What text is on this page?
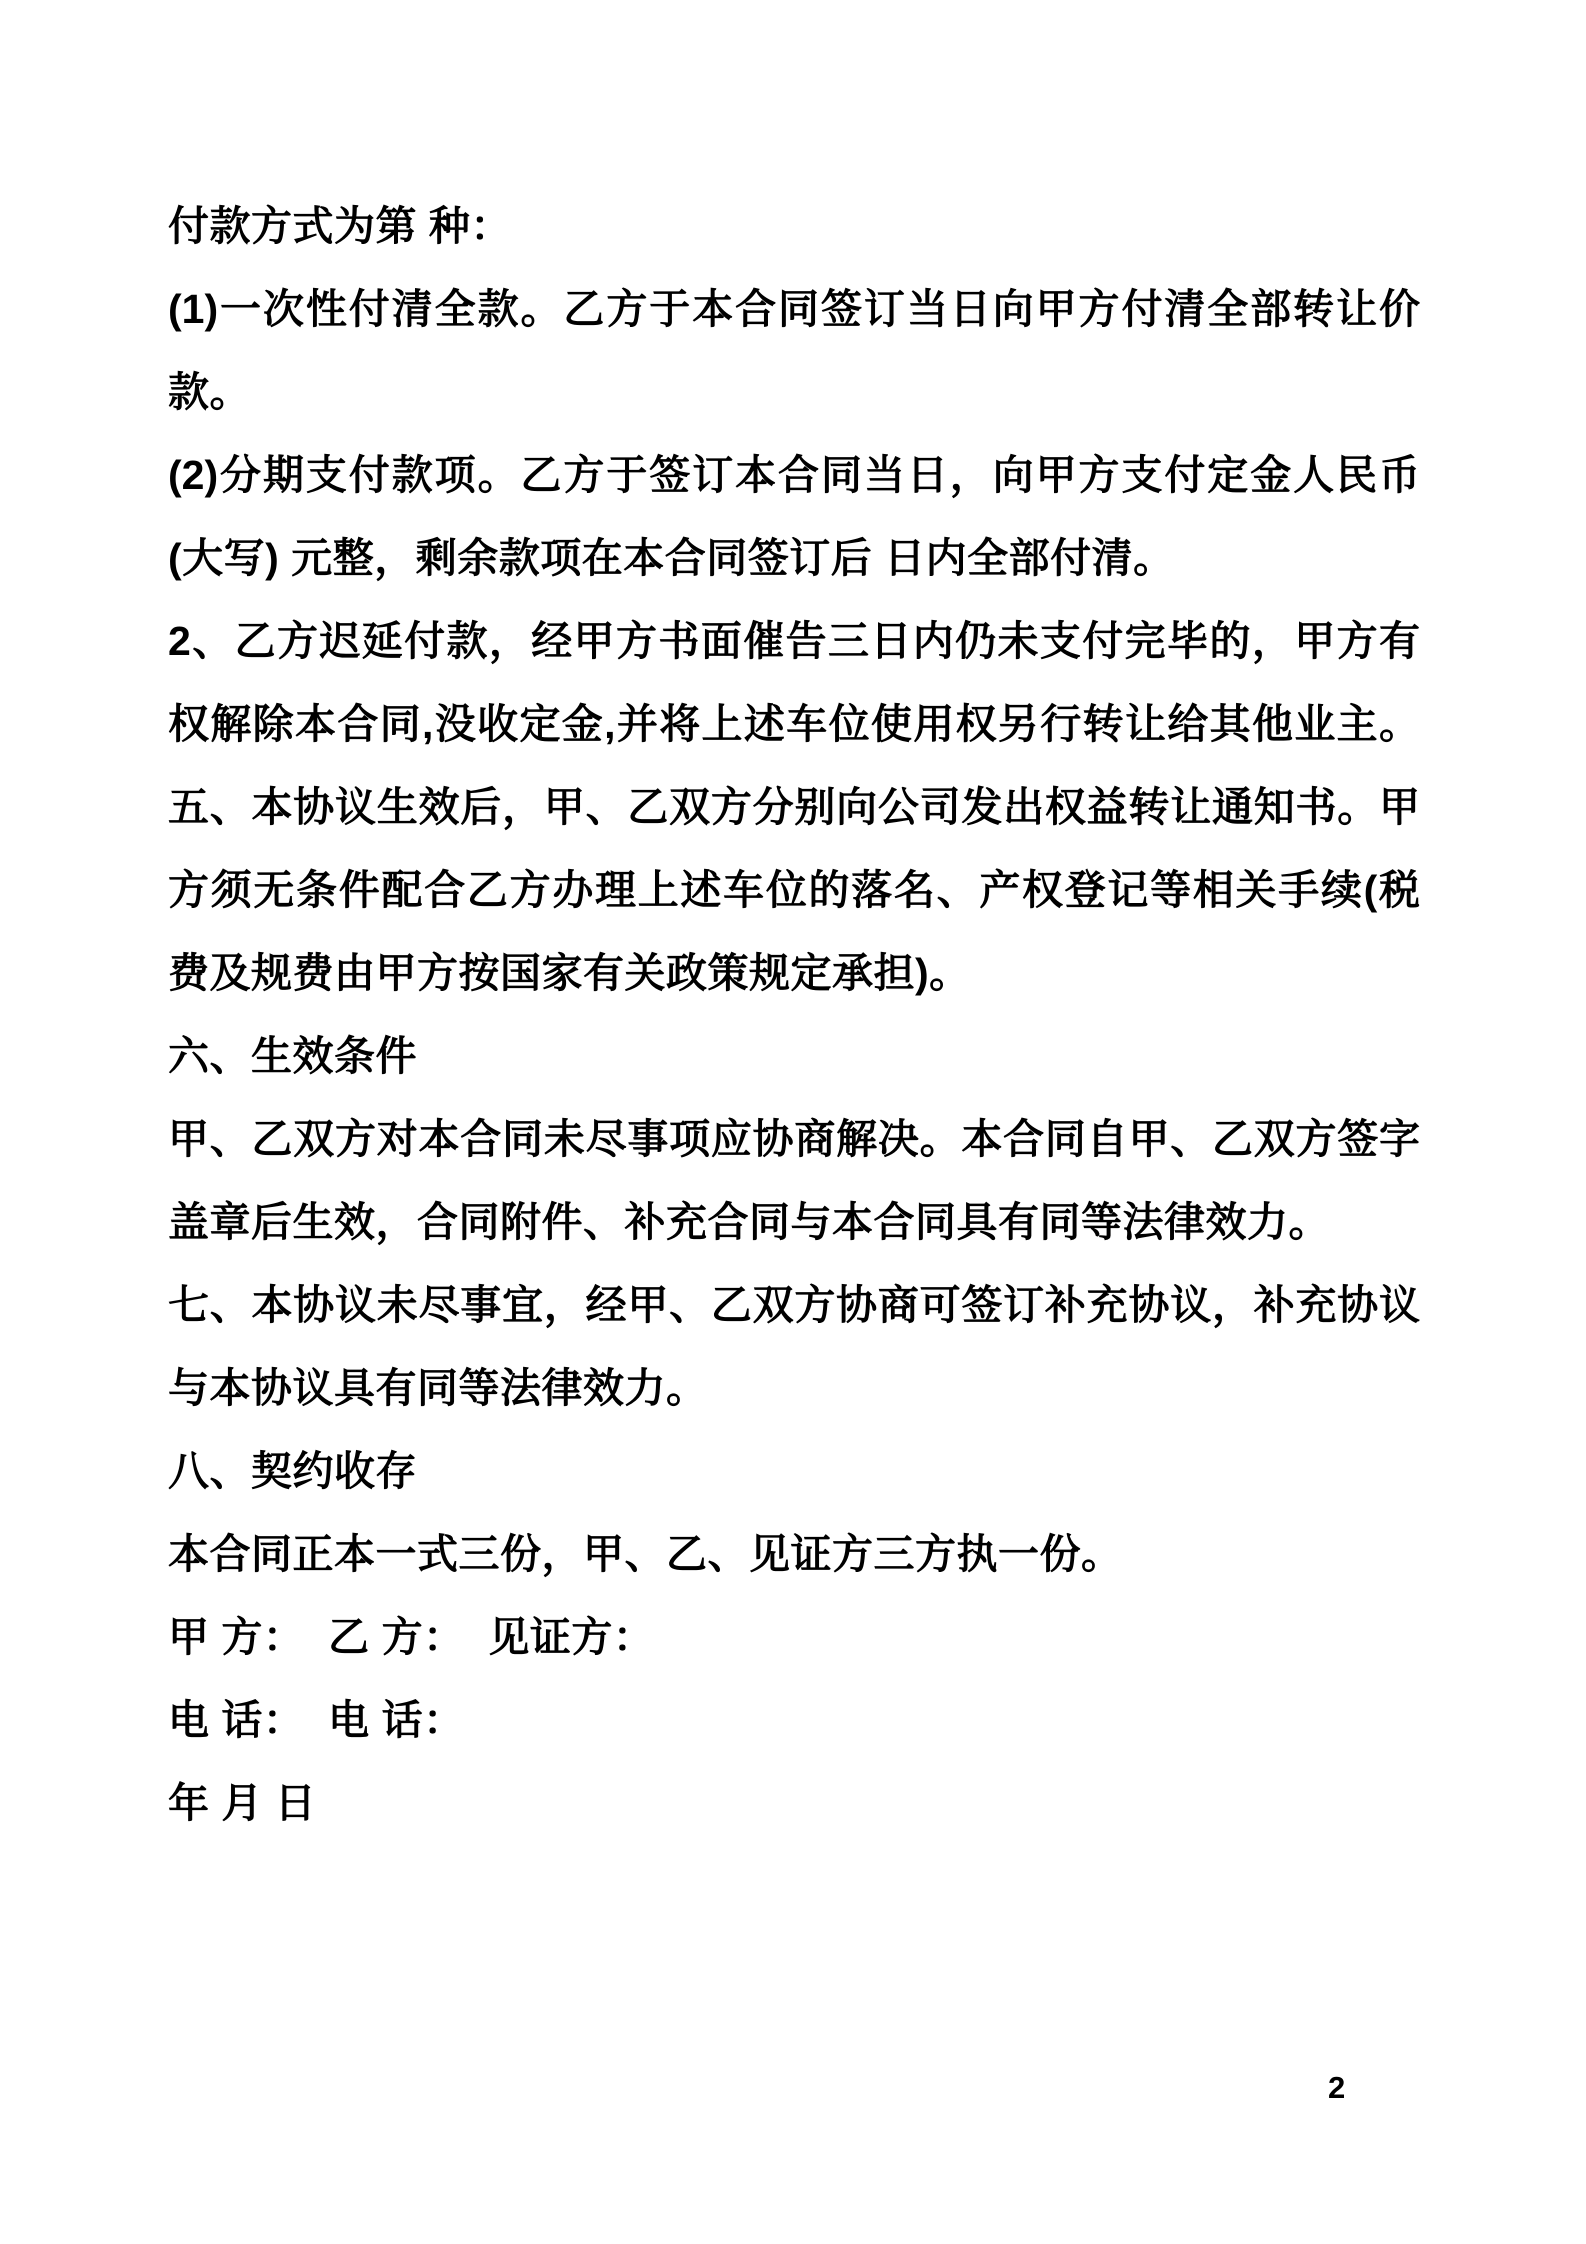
付款方式为第 种：
(1)一次性付清全款。乙方于本合同签订当日向甲方付清全部转让价
款。
(2)分期支付款项。乙方于签订本合同当日，向甲方支付定金人民币
(大写) 元整，剩余款项在本合同签订后 日内全部付清。
2、乙方迟延付款，经甲方书面催告三日内仍未支付完毕的，甲方有
权解除本合同,没收定金,并将上述车位使用权另行转让给其他业主。
五、本协议生效后，甲、乙双方分别向公司发出权益转让通知书。甲
方须无条件配合乙方办理上述车位的落名、产权登记等相关手续(税
费及规费由甲方按国家有关政策规定承担)。
六、生效条件
甲、乙双方对本合同未尽事项应协商解决。本合同自甲、乙双方签字
盖章后生效，合同附件、补充合同与本合同具有同等法律效力。
七、本协议未尽事宜，经甲、乙双方协商可签订补充协议，补充协议
与本协议具有同等法律效力。
八、契约收存
本合同正本一式三份，甲、乙、见证方三方执一份。
甲 方：  乙 方：  见证方：
电 话：  电 话：
年 月 日
2
